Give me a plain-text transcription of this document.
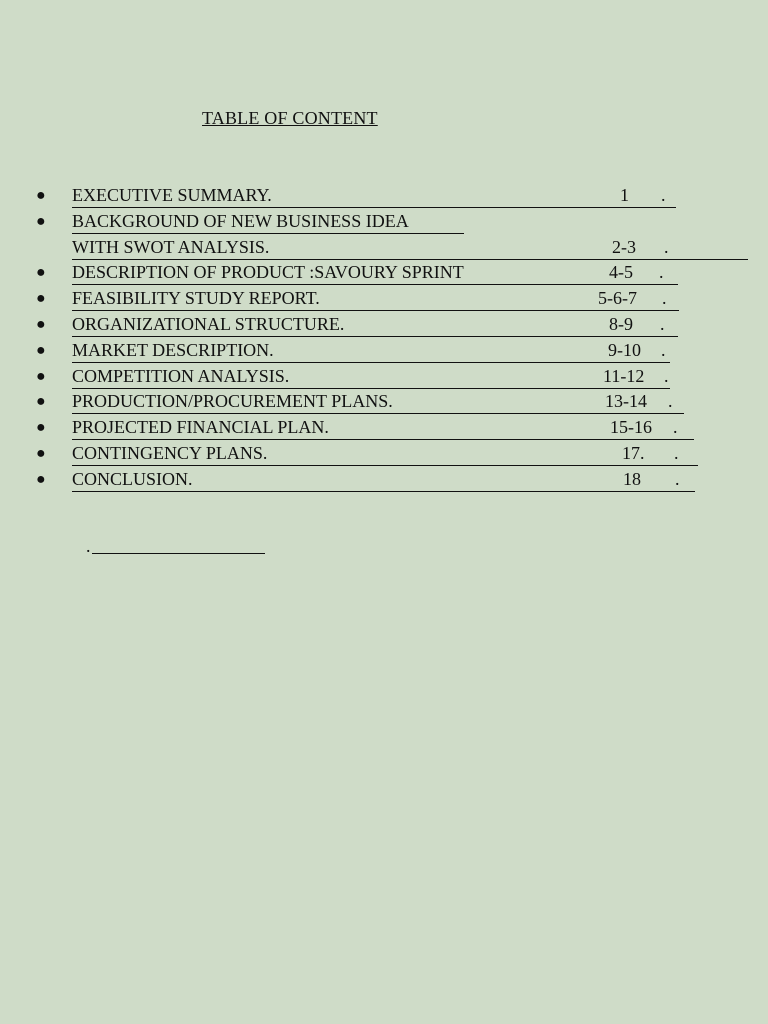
TABLE OF CONTENT
● EXECUTIVE SUMMARY.	1 .
● BACKGROUND OF NEW BUSINESS IDEA
WITH SWOT ANALYSIS.	2-3 .
● DESCRIPTION OF PRODUCT :SAVOURY SPRINT	4-5 .
● FEASIBILITY STUDY REPORT.	5-6-7 .
● ORGANIZATIONAL STRUCTURE.	8-9 .
● MARKET DESCRIPTION.	9-10 .
● COMPETITION ANALYSIS.	11-12 .
● PRODUCTION/PROCUREMENT PLANS.	13-14 .
● PROJECTED FINANCIAL PLAN.	15-16 .
● CONTINGENCY PLANS.	17. .
● CONCLUSION.	18 .
.
